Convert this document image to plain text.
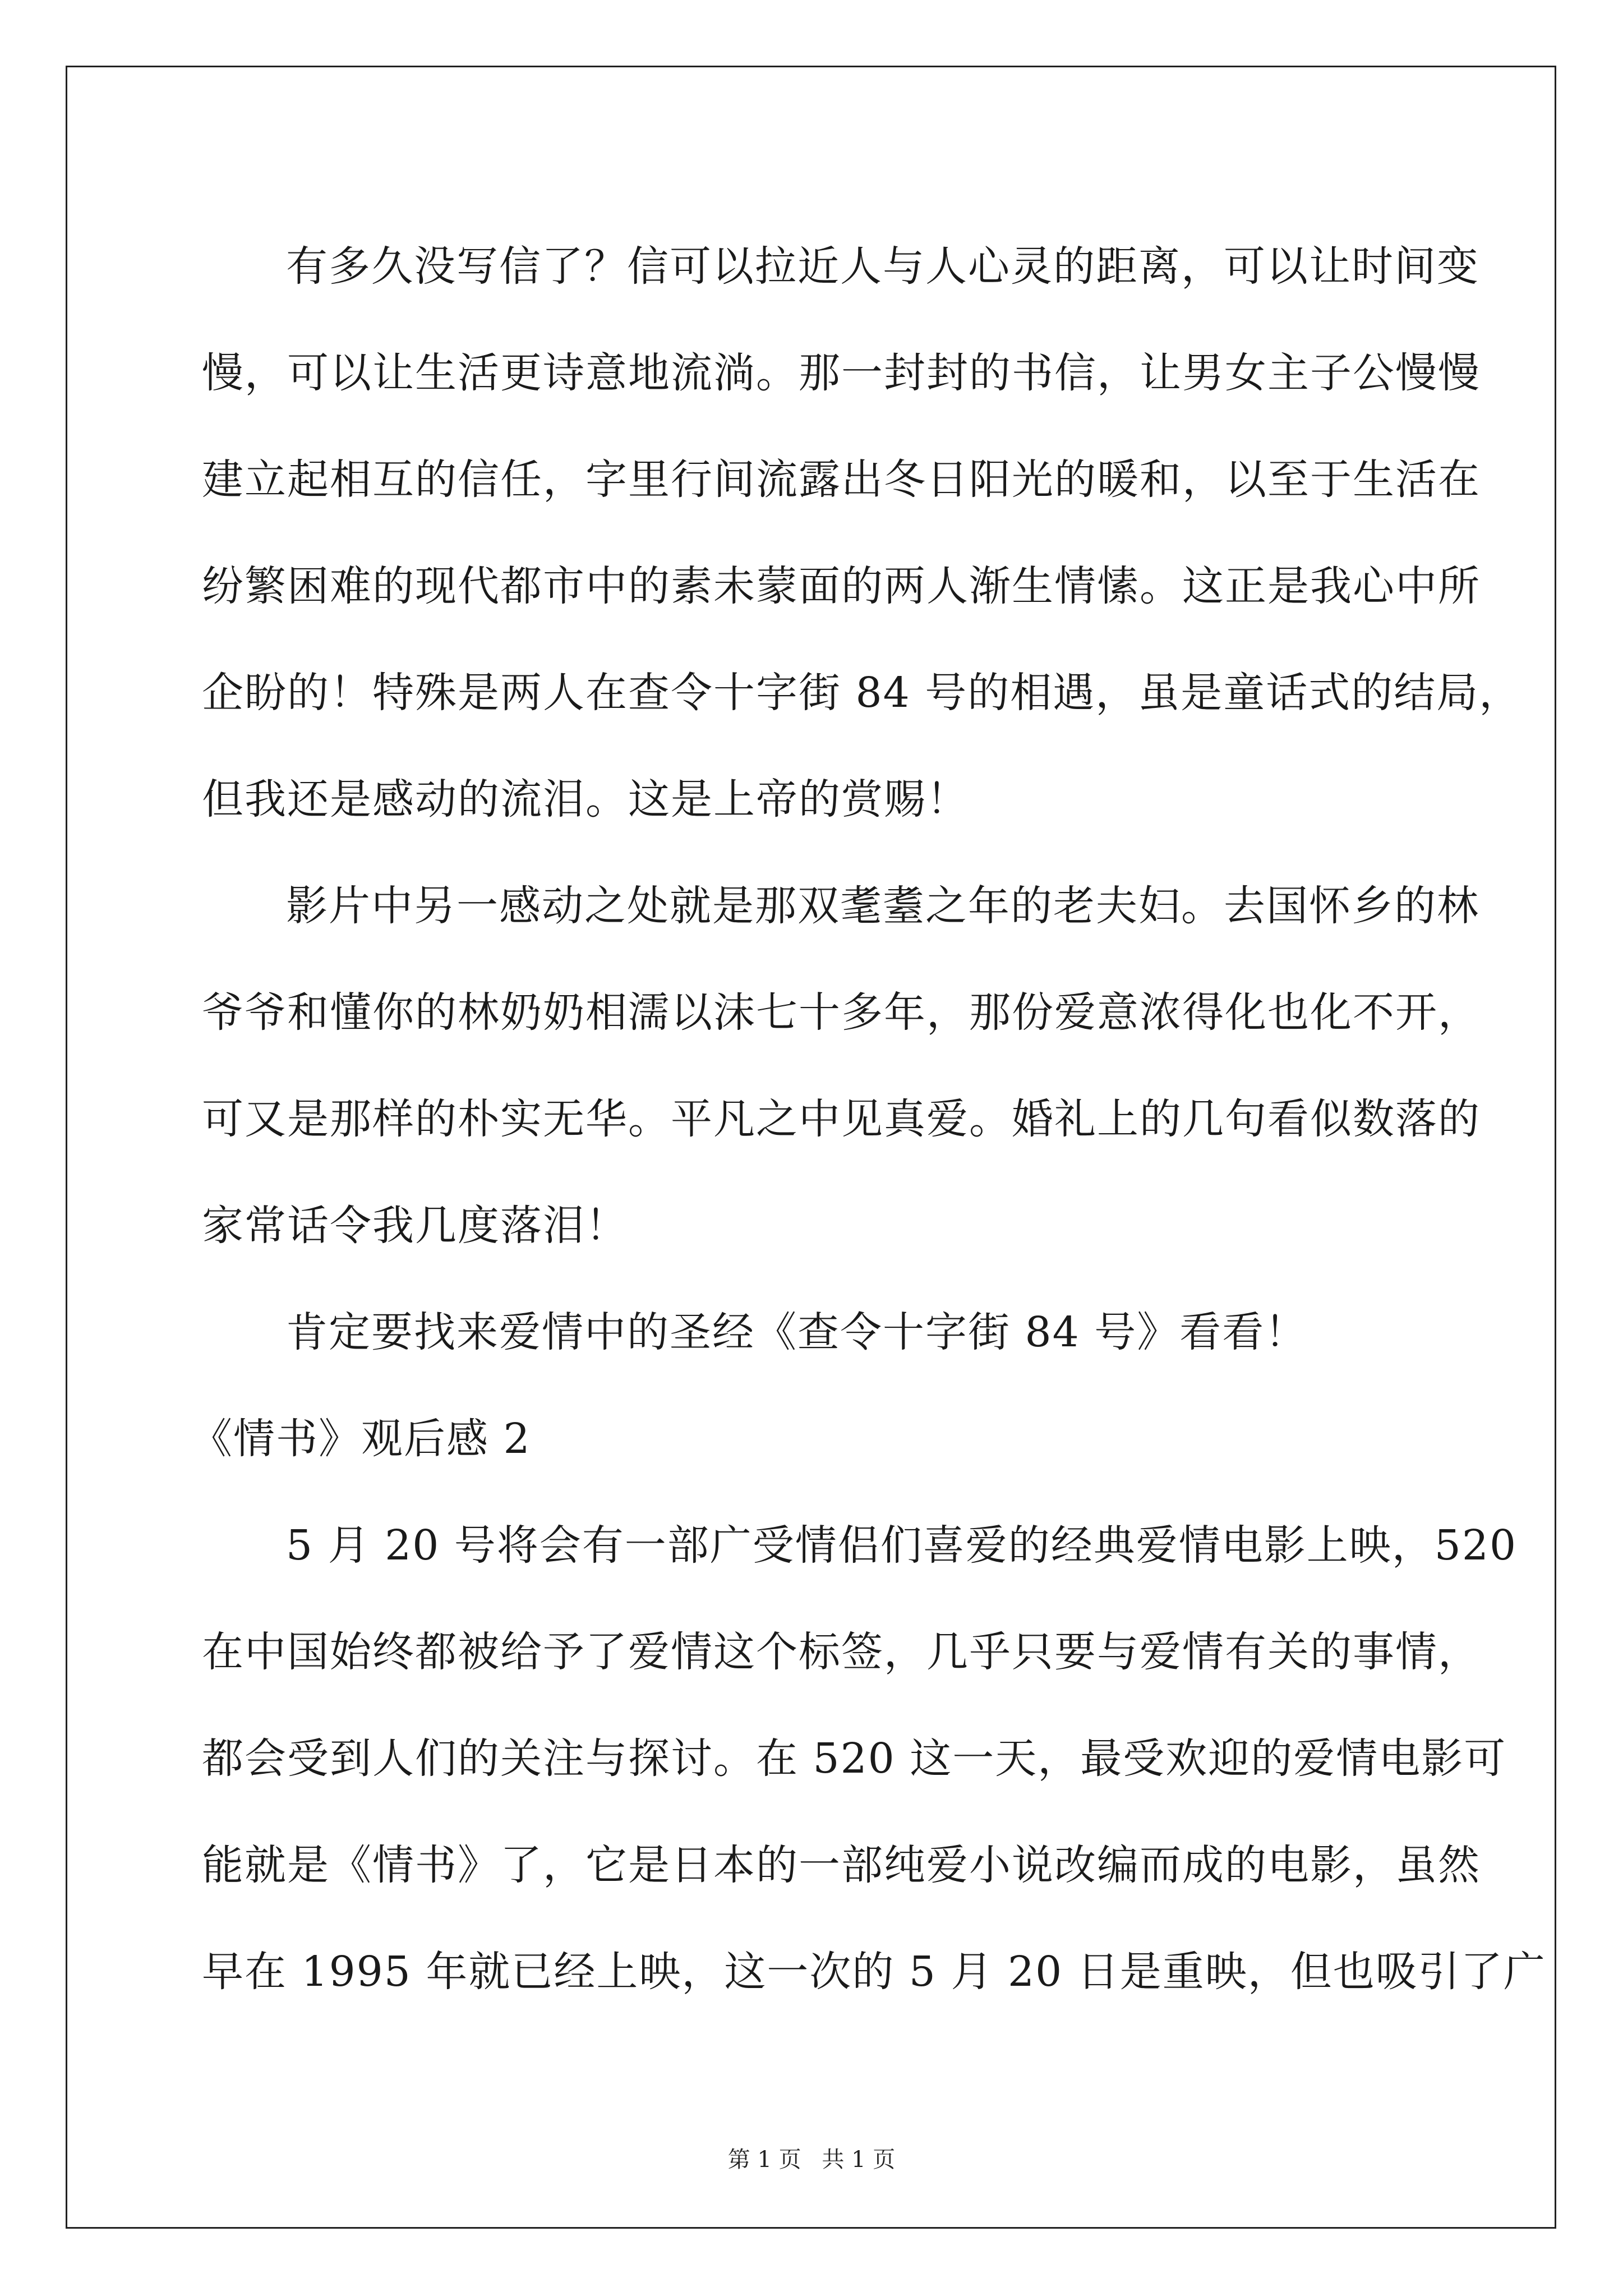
有多久没写信了？信可以拉近人与人心灵的距离，可以让时间变
慢，可以让生活更诗意地流淌。那一封封的书信，让男女主子公慢慢
建立起相互的信任，字里行间流露出冬日阳光的暖和，以至于生活在
纷繁困难的现代都市中的素未蒙面的两人渐生情愫。这正是我心中所
企盼的！特殊是两人在查令十字街 84 号的相遇，虽是童话式的结局，
但我还是感动的流泪。这是上帝的赏赐！
影片中另一感动之处就是那双耄耋之年的老夫妇。去国怀乡的林
爷爷和懂你的林奶奶相濡以沫七十多年，那份爱意浓得化也化不开，
可又是那样的朴实无华。平凡之中见真爱。婚礼上的几句看似数落的
家常话令我几度落泪！
肯定要找来爱情中的圣经《查令十字街 84 号》看看！
《情书》观后感 2
5 月 20 号将会有一部广受情侣们喜爱的经典爱情电影上映，520
在中国始终都被给予了爱情这个标签，几乎只要与爱情有关的事情，
都会受到人们的关注与探讨。在 520 这一天，最受欢迎的爱情电影可
能就是《情书》了，它是日本的一部纯爱小说改编而成的电影，虽然
早在 1995 年就已经上映，这一次的 5 月 20 日是重映，但也吸引了广
第 1 页 共 1 页
